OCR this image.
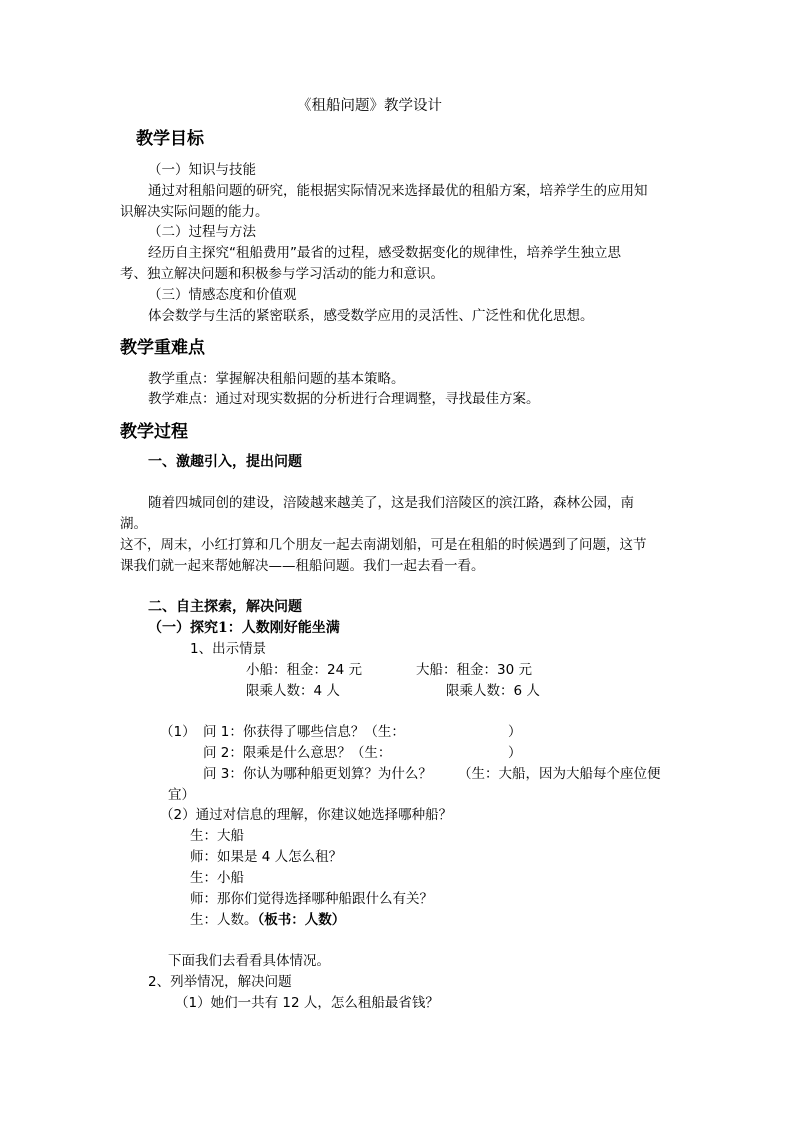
《租船问题》教学设计
教学目标
（一）知识与技能
通过对租船问题的研究，能根据实际情况来选择最优的租船方案，培养学生的应用知
识解决实际问题的能力。
（二）过程与方法
经历自主探究“租船费用”最省的过程，感受数据变化的规律性，培养学生独立思
考、独立解决问题和积极参与学习活动的能力和意识。
（三）情感态度和价值观
体会数学与生活的紧密联系，感受数学应用的灵活性、广泛性和优化思想。
教学重难点
教学重点：掌握解决租船问题的基本策略。
教学难点：通过对现实数据的分析进行合理调整，寻找最佳方案。
教学过程
一、激趣引入，提出问题
随着四城同创的建设，涪陵越来越美了，这是我们涪陵区的滨江路，森林公园，南
湖。
这不，周末，小红打算和几个朋友一起去南湖划船，可是在租船的时候遇到了问题，这节
课我们就一起来帮她解决——租船问题。我们一起去看一看。
二、自主探索，解决问题
（一）探究1：人数刚好能坐满
1、出示情景
小船：租金：24 元	大船：租金：30 元
限乘人数：4 人	限乘人数：6 人
（1） 问 1：你获得了哪些信息？（生：	）
问 2：限乘是什么意思？（生：	）
问 3：你认为哪种船更划算？为什么？ （生：大船，因为大船每个座位便
宜）
（2）通过对信息的理解，你建议她选择哪种船？
生：大船
师：如果是 4 人怎么租？
生：小船
师：那你们觉得选择哪种船跟什么有关？
生：人数。（板书：人数）
下面我们去看看具体情况。
2、列举情况，解决问题
（1）她们一共有 12 人，怎么租船最省钱？
